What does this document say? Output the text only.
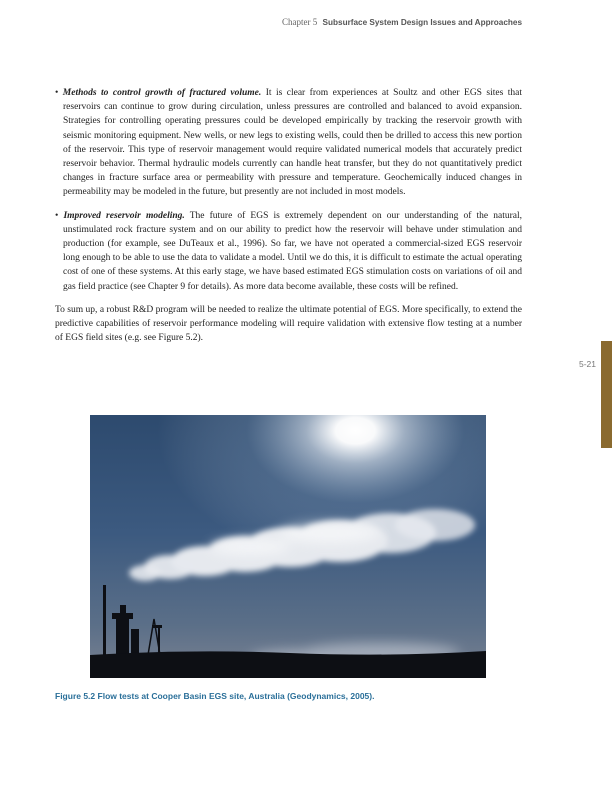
Chapter 5 Subsurface System Design Issues and Approaches

• Methods to control growth of fractured volume. It is clear from experiences at Soultz and other EGS sites that reservoirs can continue to grow during circulation, unless pressures are controlled and balanced to avoid expansion. Strategies for controlling operating pressures could be developed empirically by tracking the reservoir growth with seismic monitoring equipment. New wells, or new legs to existing wells, could then be drilled to access this new portion of the reservoir. This type of reservoir management would require validated numerical models that accurately predict reservoir behavior. Thermal hydraulic models currently can handle heat transfer, but they do not quantitatively predict changes in fracture surface area or permeability with pressure and temperature. Geochemically induced changes in permeability may be modeled in the future, but presently are not included in most models.

• Improved reservoir modeling. The future of EGS is extremely dependent on our understanding of the natural, unstimulated rock fracture system and on our ability to predict how the reservoir will behave under stimulation and production (for example, see DuTeaux et al., 1996). So far, we have not operated a commercial-sized EGS reservoir long enough to be able to use the data to validate a model. Until we do this, it is difficult to estimate the actual operating cost of one of these systems. At this early stage, we have based estimated EGS stimulation costs on variations of oil and gas field practice (see Chapter 9 for details). As more data become available, these costs will be refined.

To sum up, a robust R&D program will be needed to realize the ultimate potential of EGS. More specifically, to extend the predictive capabilities of reservoir performance modeling will require validation with extensive flow testing at a number of EGS field sites (e.g. see Figure 5.2).

5-21
Figure 5.2 Flow tests at Cooper Basin EGS site, Australia (Geodynamics, 2005).
